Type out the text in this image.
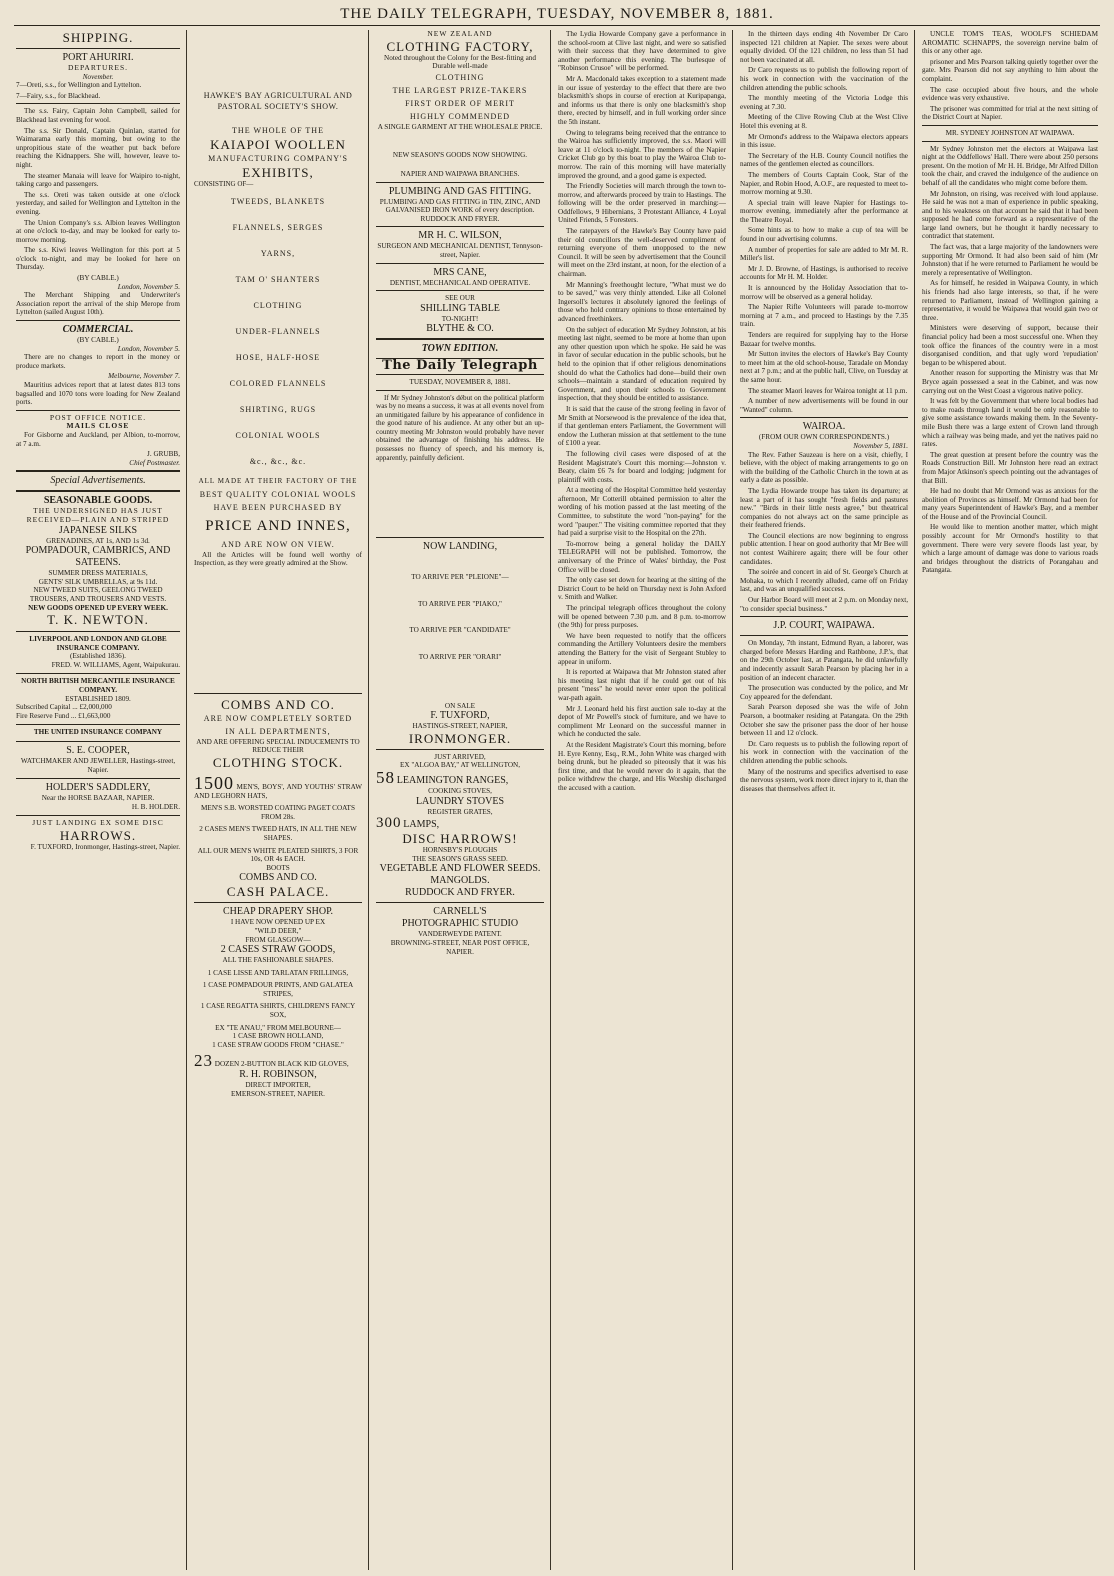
THE DAILY TELEGRAPH, TUESDAY, NOVEMBER 8, 1881.
SHIPPING.
PORT AHURIRI.
DEPARTURES.
November.

7—Oreti, s.s., for Wellington and Lyttelton.

7—Fairy, s.s., for Blackhead.

The s.s. Fairy, Captain John Campbell, sailed for Blackhead last evening for wool.

The s.s. Sir Donald, Captain Quinlan, started for Waimarama early this morning, but owing to the unpropitious state of the weather put back before reaching the Kidnappers. She will, however, leave to-night.

The steamer Manaia will leave for Waipiro to-night, taking cargo and passengers.

The s.s. Oreti was taken outside at one o'clock yesterday, and sailed for Wellington and Lyttelton in the evening.

The Union Company's s.s. Albion leaves Wellington at one o'clock to-day, and may be looked for early to-morrow morning.

The s.s. Kiwi leaves Wellington for this port at 5 o'clock to-night, and may be looked for here on Thursday.

(BY CABLE.)
London, November 5.

The Merchant Shipping and Underwriter's Association report the arrival of the ship Merope from Lyttelton (sailed August 10th).

COMMERCIAL.
(BY CABLE.)
London, November 5.

There are no changes to report in the money or produce markets.

Melbourne, November 7.

Mauritius advices report that at latest dates 813 tons bagsalled and 1070 tons were loading for New Zealand ports.

POST OFFICE NOTICE.
MAILS CLOSE

For Gisborne and Auckland, per Albion, to-morrow, at 7 a.m.

J. GRUBB,
Chief Postmaster.
Special Advertisements.
SEASONABLE GOODS.
THE UNDERSIGNED HAS JUST RECEIVED—PLAIN AND STRIPED
JAPANESE SILKS
GRENADINES, AT 1s, AND 1s 3d.
POMPADOUR, CAMBRICS, AND SATEENS.
SUMMER DRESS MATERIALS,
GENTS' SILK UMBRELLAS, at 9s 11d.
NEW TWEED SUITS, GEELONG TWEED TROUSERS, AND TROUSERS AND VESTS.
NEW GOODS OPENED UP EVERY WEEK.
T. K. NEWTON.
LIVERPOOL AND LONDON AND GLOBE INSURANCE COMPANY.
(Established 1836).
FRED. W. WILLIAMS, Agent, Waipukurau.
NORTH BRITISH MERCANTILE INSURANCE COMPANY.
ESTABLISHED 1809.
Subscribed Capital ... £2,000,000
Fire Reserve Fund ... £1,663,000
THE UNITED INSURANCE COMPANY
S. E. COOPER,
WATCHMAKER AND JEWELLER, Hastings-street, Napier.
HOLDER'S SADDLERY,
Near the HORSE BAZAAR, NAPIER.
H. B. HOLDER.
JUST LANDING EX SOME DISC
HARROWS.
F. TUXFORD, Ironmonger, Hastings-street, Napier.
HAWKE'S BAY AGRICULTURAL AND PASTORAL SOCIETY'S SHOW.
THE WHOLE OF THE
KAIAPOI WOOLLEN
MANUFACTURING COMPANY'S
EXHIBITS,
CONSISTING OF—
TWEEDS, BLANKETS
FLANNELS, SERGES
YARNS,
TAM O' SHANTERS
CLOTHING
UNDER-FLANNELS
HOSE, HALF-HOSE
COLORED FLANNELS
SHIRTING, RUGS
COLONIAL WOOLS
&c., &c., &c.
ALL MADE AT THEIR FACTORY OF THE
BEST QUALITY COLONIAL WOOLS
HAVE BEEN PURCHASED BY
PRICE AND INNES,
AND ARE NOW ON VIEW.

All the Articles will be found well worthy of Inspection, as they were greatly admired at the Show.

COMBS AND CO.
ARE NOW COMPLETELY SORTED
IN ALL DEPARTMENTS,
AND ARE OFFERING SPECIAL INDUCEMENTS TO REDUCE THEIR
CLOTHING STOCK.
1500 MEN'S, BOYS', AND YOUTHS' STRAW AND LEGHORN HATS,
MEN'S S.B. WORSTED COATING PAGET COATS FROM 28s.
2 CASES MEN'S TWEED HATS, IN ALL THE NEW SHAPES.
ALL OUR MEN'S WHITE PLEATED SHIRTS, 3 FOR 10s, OR 4s EACH.
BOOTS
COMBS AND CO.
CASH PALACE.
CHEAP DRAPERY SHOP.
I HAVE NOW OPENED UP EX
"WILD DEER,"
FROM GLASGOW—
2 CASES STRAW GOODS,
ALL THE FASHIONABLE SHAPES.
1 CASE LISSE AND TARLATAN FRILLINGS,
1 CASE POMPADOUR PRINTS, AND GALATEA STRIPES,
1 CASE REGATTA SHIRTS, CHILDREN'S FANCY SOX,
EX "TE ANAU," FROM MELBOURNE—
1 CASE BROWN HOLLAND,
1 CASE STRAW GOODS FROM "CHASE."
23 DOZEN 2-BUTTON BLACK KID GLOVES,
R. H. ROBINSON,
DIRECT IMPORTER,
EMERSON-STREET, NAPIER.
NEW ZEALAND
CLOTHING FACTORY,
Noted throughout the Colony for the Best-fitting and Durable well-made
CLOTHING
THE LARGEST PRIZE-TAKERS
FIRST ORDER OF MERIT
HIGHLY COMMENDED
A SINGLE GARMENT AT THE WHOLESALE PRICE.
NEW SEASON'S GOODS NOW SHOWING.
NAPIER AND WAIPAWA BRANCHES.
PLUMBING AND GAS FITTING.
PLUMBING AND GAS FITTING in TIN, ZINC, AND GALVANISED IRON WORK of every description.
RUDDOCK AND FRYER.
MR H. C. WILSON,
SURGEON AND MECHANICAL DENTIST, Tennyson-street, Napier.
MRS CANE,
DENTIST, MECHANICAL AND OPERATIVE.
SEE OUR
SHILLING TABLE
TO-NIGHT!
BLYTHE & CO.
TOWN EDITION.
The Daily Telegraph
TUESDAY, NOVEMBER 8, 1881.

If Mr Sydney Johnston's début on the political platform was by no means a success, it was at all events novel from an unmitigated failure by his appearance of confidence in the good nature of his audience. At any other but an up-country meeting Mr Johnston would probably have never obtained the advantage of finishing his address. He possesses no fluency of speech, and his memory is, apparently, painfully deficient.

NOW LANDING,
TO ARRIVE PER "PLEIONE"—
TO ARRIVE PER "PIAKO,"
TO ARRIVE PER "CANDIDATE"
TO ARRIVE PER "ORARI"
ON SALE
F. TUXFORD,
HASTINGS-STREET, NAPIER,
IRONMONGER.
JUST ARRIVED,
EX "ALGOA BAY," AT WELLINGTON,
58 LEAMINGTON RANGES,
COOKING STOVES,
LAUNDRY STOVES
REGISTER GRATES,
300 LAMPS,
DISC HARROWS!
HORNSBY'S PLOUGHS
THE SEASON'S GRASS SEED.
VEGETABLE AND FLOWER SEEDS.
MANGOLDS.
RUDDOCK AND FRYER.
CARNELL'S
PHOTOGRAPHIC STUDIO
VANDERWEYDE PATENT.
BROWNING-STREET, NEAR POST OFFICE, NAPIER.

The Lydia Howarde Company gave a performance in the school-room at Clive last night, and were so satisfied with their success that they have determined to give another performance this evening. The burlesque of "Robinson Crusoe" will be performed.

Mr A. Macdonald takes exception to a statement made in our issue of yesterday to the effect that there are two blacksmith's shops in course of erection at Kuripapanga, and informs us that there is only one blacksmith's shop there, erected by himself, and in full working order since the 5th instant.

Owing to telegrams being received that the entrance to the Wairoa has sufficiently improved, the s.s. Maori will leave at 11 o'clock to-night. The members of the Napier Cricket Club go by this boat to play the Wairoa Club to-morrow. The rain of this morning will have materially improved the ground, and a good game is expected.

The Friendly Societies will march through the town to-morrow, and afterwards proceed by train to Hastings. The following will be the order preserved in marching:—Oddfellows, 9 Hibernians, 3 Protestant Alliance, 4 Loyal United Friends, 5 Foresters.

The ratepayers of the Hawke's Bay County have paid their old councillors the well-deserved compliment of returning everyone of them unopposed to the new Council. It will be seen by advertisement that the Council will meet on the 23rd instant, at noon, for the election of a chairman.

Mr Manning's freethought lecture, "What must we do to be saved," was very thinly attended. Like all Colonel Ingersoll's lectures it absolutely ignored the feelings of those who hold contrary opinions to those entertained by advanced freethinkers.

On the subject of education Mr Sydney Johnston, at his meeting last night, seemed to be more at home than upon any other question upon which he spoke. He said he was in favor of secular education in the public schools, but he held to the opinion that if other religious denominations should do what the Catholics had done—build their own schools—maintain a standard of education required by Government, and upon their schools to Government inspection, that they should be entitled to assistance.

It is said that the cause of the strong feeling in favor of Mr Smith at Norsewood is the prevalence of the idea that, if that gentleman enters Parliament, the Government will endow the Lutheran mission at that settlement to the tune of £100 a year.

The following civil cases were disposed of at the Resident Magistrate's Court this morning:—Johnston v. Beaty, claim £6 7s for board and lodging; judgment for plaintiff with costs.

At a meeting of the Hospital Committee held yesterday afternoon, Mr Cotterill obtained permission to alter the wording of his motion passed at the last meeting of the Committee, to substitute the word "non-paying" for the word "pauper." The visiting committee reported that they had paid a surprise visit to the Hospital on the 27th.

To-morrow being a general holiday the DAILY TELEGRAPH will not be published. Tomorrow, the anniversary of the Prince of Wales' birthday, the Post Office will be closed.

The only case set down for hearing at the sitting of the District Court to be held on Thursday next is John Axford v. Smith and Walker.

The principal telegraph offices throughout the colony will be opened between 7.30 p.m. and 8 p.m. to-morrow (the 9th) for press purposes.

We have been requested to notify that the officers commanding the Artillery Volunteers desire the members attending the Battery for the visit of Sergeant Stubley to appear in uniform.

It is reported at Waipawa that Mr Johnston stated after his meeting last night that if he could get out of his present "mess" he would never enter upon the political war-path again.

Mr J. Leonard held his first auction sale to-day at the depot of Mr Powell's stock of furniture, and we have to compliment Mr Leonard on the successful manner in which he conducted the sale.

At the Resident Magistrate's Court this morning, before H. Eyre Kenny, Esq., R.M., John White was charged with being drunk, but he pleaded so piteously that it was his first time, and that he would never do it again, that the police withdrew the charge, and His Worship discharged the accused with a caution.

In the thirteen days ending 4th November Dr Caro inspected 121 children at Napier. The sexes were about equally divided. Of the 121 children, no less than 51 had not been vaccinated at all.

Dr Caro requests us to publish the following report of his work in connection with the vaccination of the children attending the public schools.

The monthly meeting of the Victoria Lodge this evening at 7.30.

Meeting of the Clive Rowing Club at the West Clive Hotel this evening at 8.

Mr Ormond's address to the Waipawa electors appears in this issue.

The Secretary of the H.B. County Council notifies the names of the gentlemen elected as councillors.

The members of Courts Captain Cook, Star of the Napier, and Robin Hood, A.O.F., are requested to meet to-morrow morning at 9.30.

A special train will leave Napier for Hastings to-morrow evening, immediately after the performance at the Theatre Royal.

Some hints as to how to make a cup of tea will be found in our advertising columns.

A number of properties for sale are added to Mr M. R. Miller's list.

Mr J. D. Browne, of Hastings, is authorised to receive accounts for Mr H. M. Holder.

It is announced by the Holiday Association that to-morrow will be observed as a general holiday.

The Napier Rifle Volunteers will parade to-morrow morning at 7 a.m., and proceed to Hastings by the 7.35 train.

Tenders are required for supplying hay to the Horse Bazaar for twelve months.

Mr Sutton invites the electors of Hawke's Bay County to meet him at the old school-house, Taradale on Monday next at 7 p.m.; and at the public hall, Clive, on Tuesday at the same hour.

The steamer Maori leaves for Wairoa tonight at 11 p.m.

A number of new advertisements will be found in our "Wanted" column.

WAIROA.
(FROM OUR OWN CORRESPONDENTS.)
November 5, 1881.

The Rev. Father Sauzeau is here on a visit, chiefly, I believe, with the object of making arrangements to go on with the building of the Catholic Church in the town at as early a date as possible.

The Lydia Howarde troupe has taken its departure; at least a part of it has sought "fresh fields and pastures new." "Birds in their little nests agree," but theatrical companies do not always act on the same principle as their feathered friends.

The Council elections are now beginning to engross public attention. I hear on good authority that Mr Bee will not contest Waihirere again; there will be four other candidates.

The soirée and concert in aid of St. George's Church at Mohaka, to which I recently alluded, came off on Friday last, and was an unqualified success.

Our Harbor Board will meet at 2 p.m. on Monday next, "to consider special business."

J.P. COURT, WAIPAWA.

On Monday, 7th instant, Edmund Ryan, a laborer, was charged before Messrs Harding and Rathbone, J.P.'s, that on the 29th October last, at Patangata, he did unlawfully and indecently assault Sarah Pearson by placing her in a position of an indecent character.

The prosecution was conducted by the police, and Mr Coy appeared for the defendant.

Sarah Pearson deposed she was the wife of John Pearson, a bootmaker residing at Patangata. On the 29th October she saw the prisoner pass the door of her house between 11 and 12 o'clock.

Dr. Caro requests us to publish the following report of his work in connection with the vaccination of the children attending the public schools.

Many of the nostrums and specifics advertised to ease the nervous system, work more direct injury to it, than the diseases that themselves affect it.

UNCLE TOM'S TEAS, WOOLF'S SCHIEDAM AROMATIC SCHNAPPS, the sovereign nervine balm of this or any other age.

prisoner and Mrs Pearson talking quietly together over the gate. Mrs Pearson did not say anything to him about the complaint.

The case occupied about five hours, and the whole evidence was very exhaustive.

The prisoner was committed for trial at the next sitting of the District Court at Napier.

MR. SYDNEY JOHNSTON AT WAIPAWA.

Mr Sydney Johnston met the electors at Waipawa last night at the Oddfellows' Hall. There were about 250 persons present. On the motion of Mr H. H. Bridge, Mr Alfred Dillon took the chair, and craved the indulgence of the audience on behalf of all the candidates who might come before them.

Mr Johnston, on rising, was received with loud applause. He said he was not a man of experience in public speaking, and to his weakness on that account he said that it had been supposed he had come forward as a representative of the large land owners, but he thought it hardly necessary to contradict that statement.

The fact was, that a large majority of the landowners were supporting Mr Ormond. It had also been said of him (Mr Johnston) that if he were returned to Parliament he would be merely a representative of Wellington.

As for himself, he resided in Waipawa County, in which his friends had also large interests, so that, if he were returned to Parliament, instead of Wellington gaining a representative, it would be Waipawa that would gain two or three.

Ministers were deserving of support, because their financial policy had been a most successful one. When they took office the finances of the country were in a most disorganised condition, and that ugly word 'repudiation' began to be whispered about.

Another reason for supporting the Ministry was that Mr Bryce again possessed a seat in the Cabinet, and was now carrying out on the West Coast a vigorous native policy.

It was felt by the Government that where local bodies had to make roads through land it would be only reasonable to give some assistance towards making them. In the Seventy-mile Bush there was a large extent of Crown land through which a railway was being made, and yet the natives paid no rates.

The great question at present before the country was the Roads Construction Bill. Mr Johnston here read an extract from Major Atkinson's speech pointing out the advantages of that Bill.

He had no doubt that Mr Ormond was as anxious for the abolition of Provinces as himself. Mr Ormond had been for many years Superintendent of Hawke's Bay, and a member of the House and of the Provincial Council.

He would like to mention another matter, which might possibly account for Mr Ormond's hostility to that government. There were very severe floods last year, by which a large amount of damage was done to various roads and bridges throughout the districts of Porangahau and Patangata.
